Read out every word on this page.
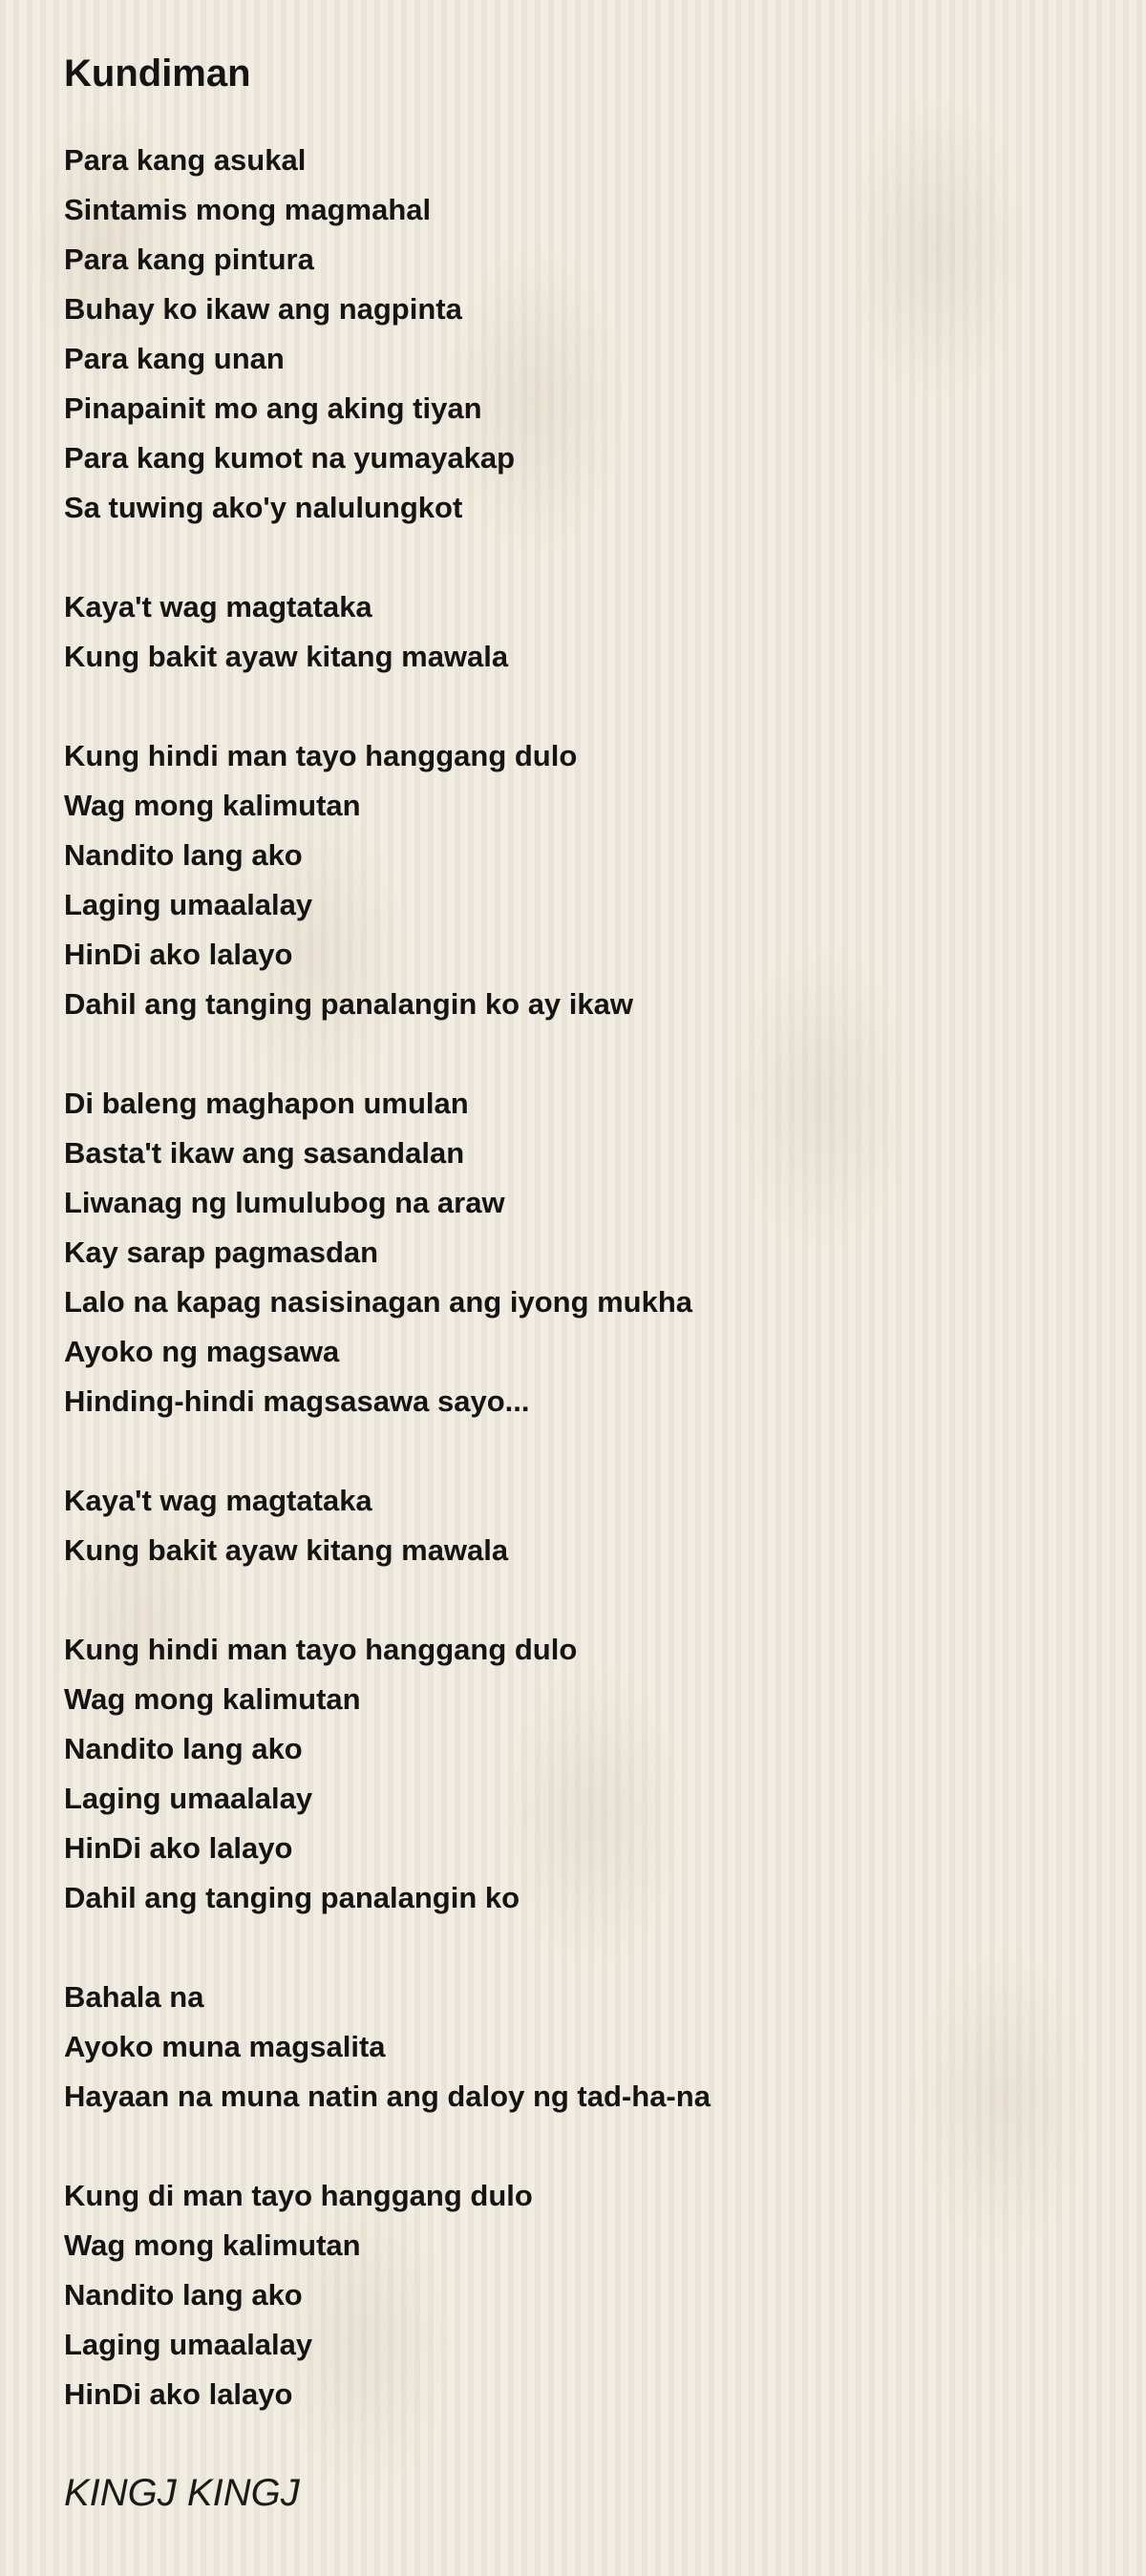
Kundiman
Para kang asukal
Sintamis mong magmahal
Para kang pintura
Buhay ko ikaw ang nagpinta
Para kang unan
Pinapainit mo ang aking tiyan
Para kang kumot na yumayakap
Sa tuwing ako'y nalulungkot
Kaya't wag magtataka
Kung bakit ayaw kitang mawala
Kung hindi man tayo hanggang dulo
Wag mong kalimutan
Nandito lang ako
Laging umaalalay
HinDi ako lalayo
Dahil ang tanging panalangin ko ay ikaw
Di baleng maghapon umulan
Basta't ikaw ang sasandalan
Liwanag ng lumulubog na araw
Kay sarap pagmasdan
Lalo na kapag nasisinagan ang iyong mukha
Ayoko ng magsawa
Hinding-hindi magsasawa sayo...
Kaya't wag magtataka
Kung bakit ayaw kitang mawala
Kung hindi man tayo hanggang dulo
Wag mong kalimutan
Nandito lang ako
Laging umaalalay
HinDi ako lalayo
Dahil ang tanging panalangin ko
Bahala na
Ayoko muna magsalita
Hayaan na muna natin ang daloy ng tad-ha-na
Kung di man tayo hanggang dulo
Wag mong kalimutan
Nandito lang ako
Laging umaalalay
HinDi ako lalayo
KINGJ KINGJ
